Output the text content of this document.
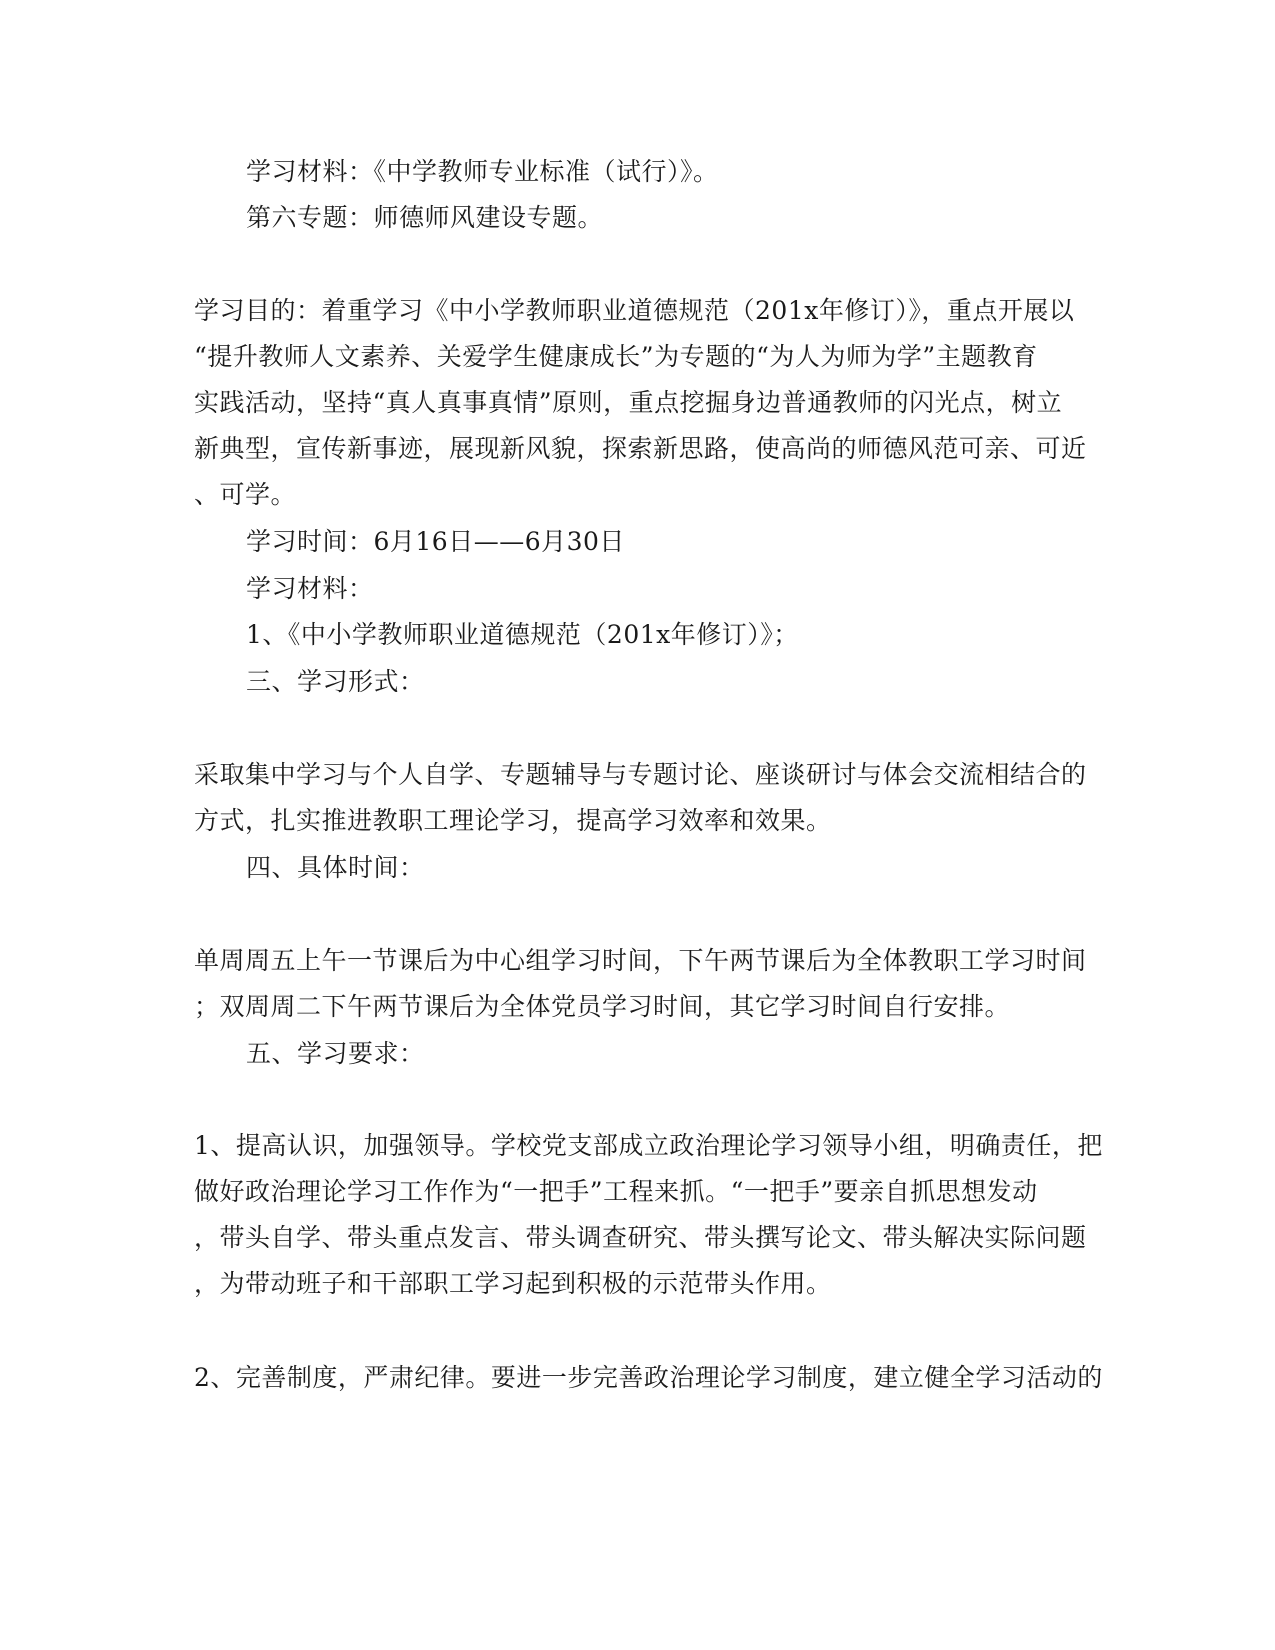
学习材料：《中学教师专业标准（试行）》。
第六专题：师德师风建设专题。
学习目的：着重学习《中小学教师职业道德规范（201x年修订）》，重点开展以
“提升教师人文素养、关爱学生健康成长”为专题的“为人为师为学”主题教育
实践活动，坚持“真人真事真情”原则，重点挖掘身边普通教师的闪光点，树立
新典型，宣传新事迹，展现新风貌，探索新思路，使高尚的师德风范可亲、可近
、可学。
学习时间：6月16日——6月30日
学习材料：
1、《中小学教师职业道德规范（201x年修订）》；
三、学习形式：
采取集中学习与个人自学、专题辅导与专题讨论、座谈研讨与体会交流相结合的
方式，扎实推进教职工理论学习，提高学习效率和效果。
四、具体时间：
单周周五上午一节课后为中心组学习时间，下午两节课后为全体教职工学习时间
；双周周二下午两节课后为全体党员学习时间，其它学习时间自行安排。
五、学习要求：
1、提高认识，加强领导。学校党支部成立政治理论学习领导小组，明确责任，把
做好政治理论学习工作作为“一把手”工程来抓。“一把手”要亲自抓思想发动
，带头自学、带头重点发言、带头调查研究、带头撰写论文、带头解决实际问题
，为带动班子和干部职工学习起到积极的示范带头作用。
2、完善制度，严肃纪律。要进一步完善政治理论学习制度，建立健全学习活动的
